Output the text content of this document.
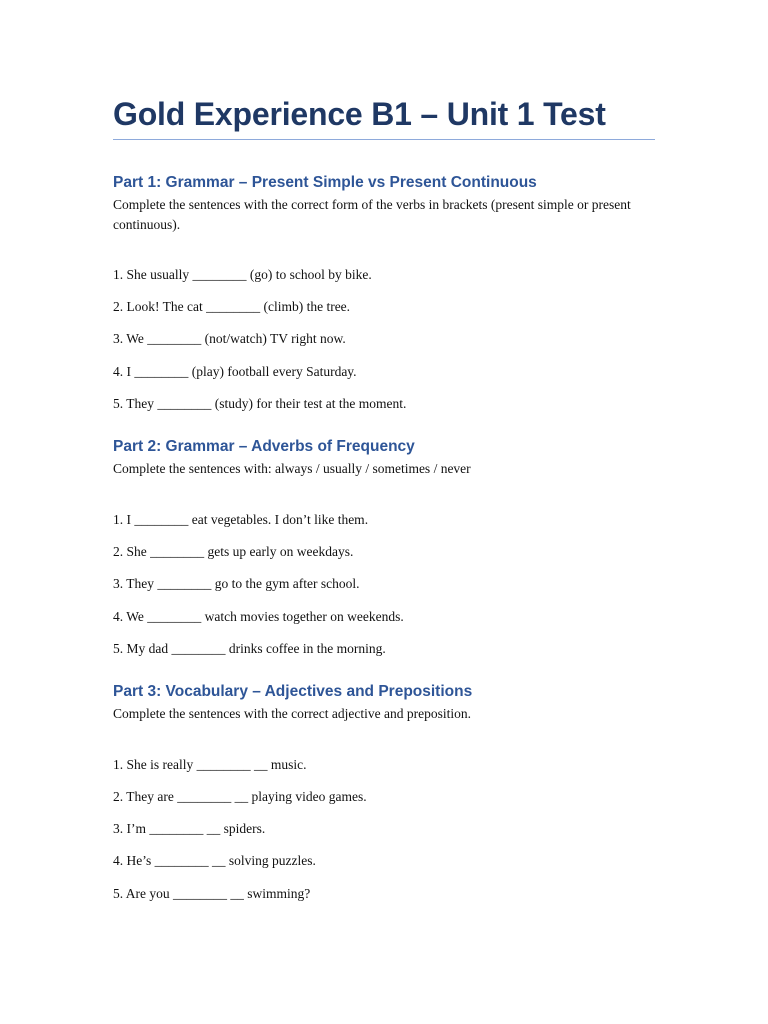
Gold Experience B1 – Unit 1 Test
Part 1: Grammar – Present Simple vs Present Continuous

Complete the sentences with the correct form of the verbs in brackets (present simple or present continuous).

1. She usually ________ (go) to school by bike.
2. Look! The cat ________ (climb) the tree.
3. We ________ (not/watch) TV right now.
4. I ________ (play) football every Saturday.
5. They ________ (study) for their test at the moment.
Part 2: Grammar – Adverbs of Frequency

Complete the sentences with: always / usually / sometimes / never

1. I ________ eat vegetables. I don’t like them.
2. She ________ gets up early on weekdays.
3. They ________ go to the gym after school.
4. We ________ watch movies together on weekends.
5. My dad ________ drinks coffee in the morning.
Part 3: Vocabulary – Adjectives and Prepositions

Complete the sentences with the correct adjective and preposition.

1. She is really ________ __ music.
2. They are ________ __ playing video games.
3. I’m ________ __ spiders.
4. He’s ________ __ solving puzzles.
5. Are you ________ __ swimming?
